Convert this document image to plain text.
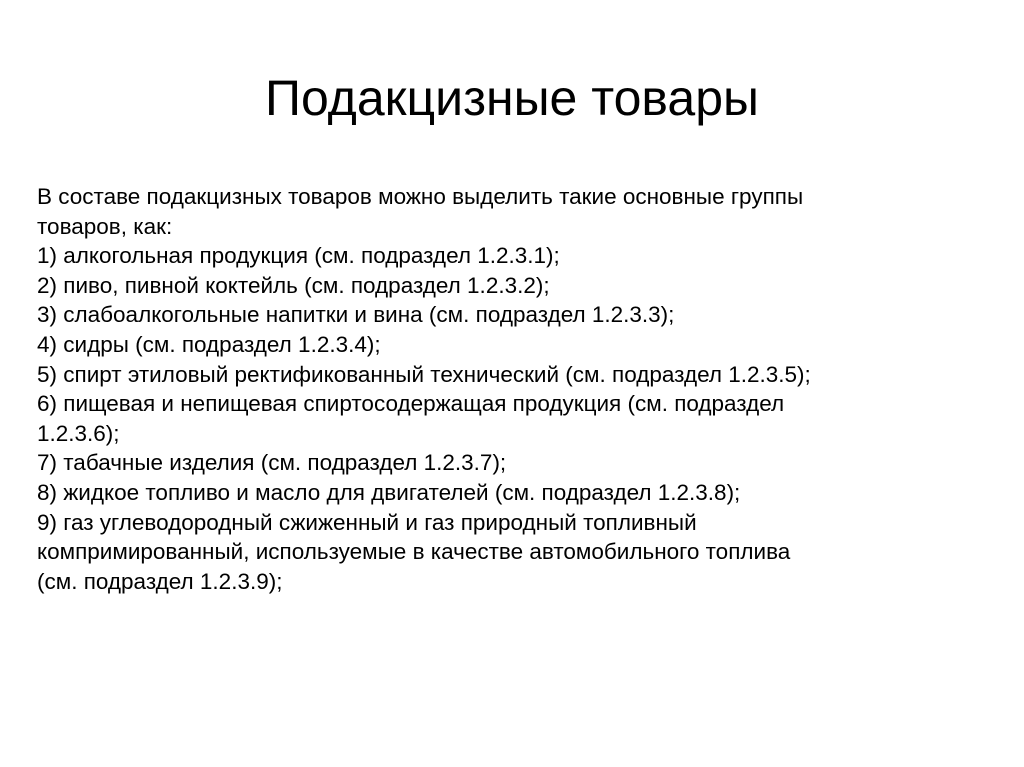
Подакцизные товары

В составе подакцизных товаров можно выделить такие основные группы

товаров, как:

1) алкогольная продукция (см. подраздел 1.2.3.1);

2) пиво, пивной коктейль (см. подраздел 1.2.3.2);

3) слабоалкогольные напитки и вина (см. подраздел 1.2.3.3);

4) сидры (см. подраздел 1.2.3.4);

5) спирт этиловый ректификованный технический (см. подраздел 1.2.3.5);

6) пищевая и непищевая спиртосодержащая продукция (см. подраздел

1.2.3.6);

7) табачные изделия (см. подраздел 1.2.3.7);

8) жидкое топливо и масло для двигателей (см. подраздел 1.2.3.8);

9) газ углеводородный сжиженный и газ природный топливный

компримированный, используемые в качестве автомобильного топлива

(см. подраздел 1.2.3.9);
